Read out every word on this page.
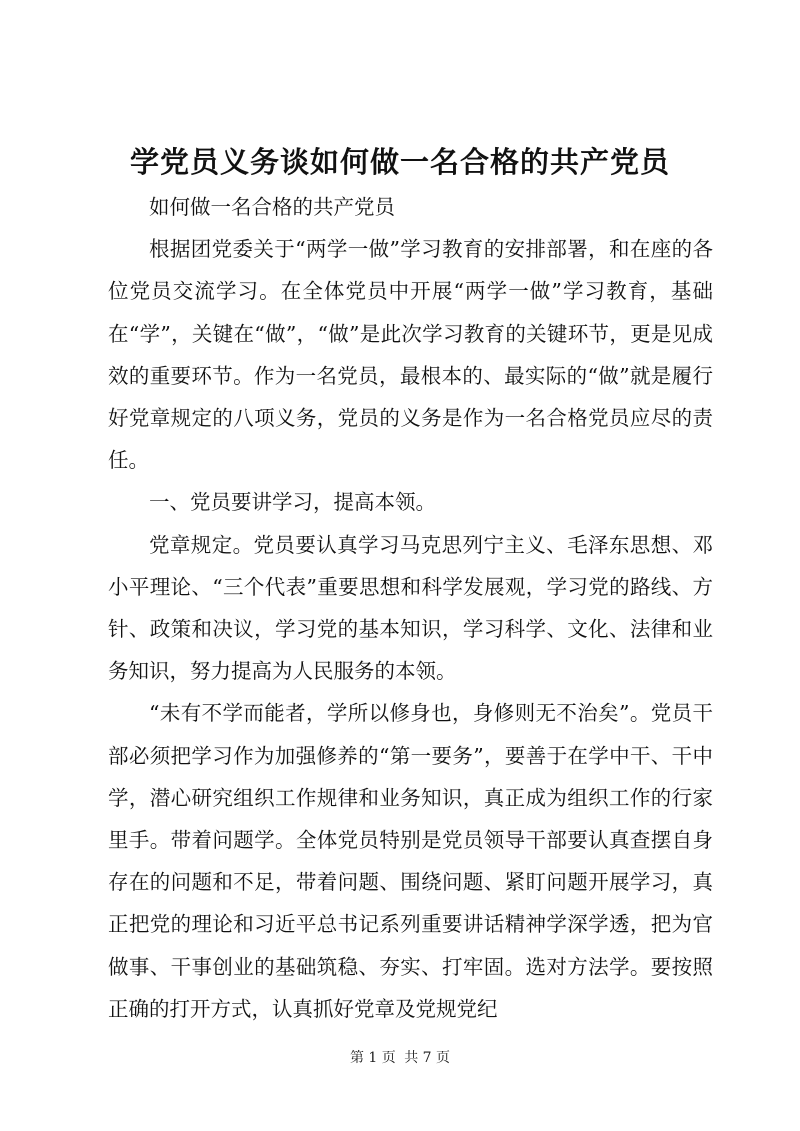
学党员义务谈如何做一名合格的共产党员

如何做一名合格的共产党员

根据团党委关于“两学一做”学习教育的安排部署，和在座的各位党员交流学习。在全体党员中开展“两学一做”学习教育，基础在“学”，关键在“做”，“做”是此次学习教育的关键环节，更是见成效的重要环节。作为一名党员，最根本的、最实际的“做”就是履行好党章规定的八项义务，党员的义务是作为一名合格党员应尽的责任。

一、党员要讲学习，提高本领。

党章规定。党员要认真学习马克思列宁主义、毛泽东思想、邓小平理论、“三个代表”重要思想和科学发展观，学习党的路线、方针、政策和决议，学习党的基本知识，学习科学、文化、法律和业务知识，努力提高为人民服务的本领。

“未有不学而能者，学所以修身也，身修则无不治矣”。党员干部必须把学习作为加强修养的“第一要务”，要善于在学中干、干中学，潜心研究组织工作规律和业务知识，真正成为组织工作的行家里手。带着问题学。全体党员特别是党员领导干部要认真查摆自身存在的问题和不足，带着问题、围绕问题、紧盯问题开展学习，真正把党的理论和习近平总书记系列重要讲话精神学深学透，把为官做事、干事创业的基础筑稳、夯实、打牢固。选对方法学。要按照正确的打开方式，认真抓好党章及党规党纪

第 1 页 共 7 页
